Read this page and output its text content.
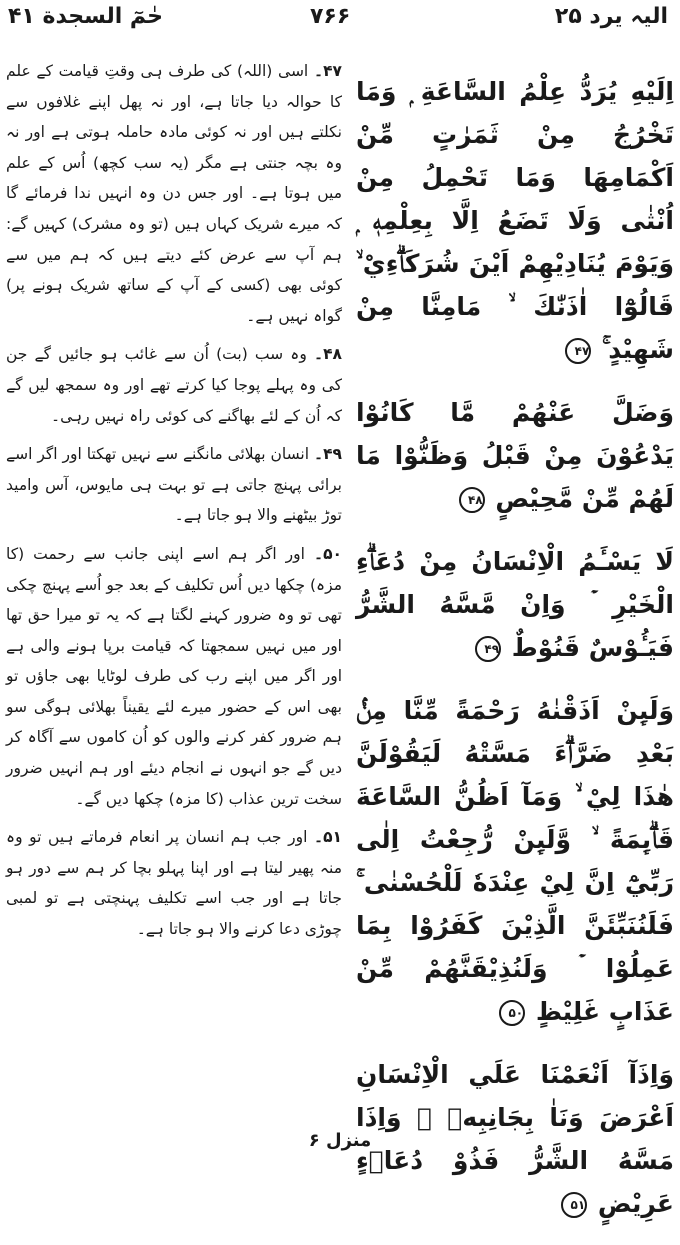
حٰمٓ السجدة ۴۱	۷۶۶	الیہ یرد ۲۵

۴۷۔ اسی (اللہ) کی طرف ہی وقتِ قیامت کے علم کا حوالہ دیا جاتا ہے، اور نہ پھل اپنے غلافوں سے نکلتے ہیں اور نہ کوئی مادہ حاملہ ہوتی ہے اور نہ وہ بچہ جنتی ہے مگر (یہ سب کچھ) اُس کے علم میں ہوتا ہے۔ اور جس دن وہ انہیں ندا فرمائے گا کہ میرے شریک کہاں ہیں (تو وہ مشرک) کہیں گے: ہم آپ سے عرض کئے دیتے ہیں کہ ہم میں سے کوئی بھی (کسی کے آپ کے ساتھ شریک ہونے پر) گواہ نہیں ہے۔

۴۸۔ وہ سب (بت) اُن سے غائب ہو جائیں گے جن کی وہ پہلے پوجا کیا کرتے تھے اور وہ سمجھ لیں گے کہ اُن کے لئے بھاگنے کی کوئی راہ نہیں رہی۔

۴۹۔ انسان بھلائی مانگنے سے نہیں تھکتا اور اگر اسے برائی پہنچ جاتی ہے تو بہت ہی مایوس، آس وامید توڑ بیٹھنے والا ہو جاتا ہے۔

۵۰۔ اور اگر ہم اسے اپنی جانب سے رحمت (کا مزہ) چکھا دیں اُس تکلیف کے بعد جو اُسے پہنچ چکی تھی تو وہ ضرور کہنے لگتا ہے کہ یہ تو میرا حق تھا اور میں نہیں سمجھتا کہ قیامت برپا ہونے والی ہے اور اگر میں اپنے رب کی طرف لوٹایا بھی جاؤں تو بھی اس کے حضور میرے لئے یقیناً بھلائی ہوگی سو ہم ضرور کفر کرنے والوں کو اُن کاموں سے آگاہ کر دیں گے جو انہوں نے انجام دیئے اور ہم انہیں ضرور سخت ترین عذاب (کا مزہ) چکھا دیں گے۔

۵۱۔ اور جب ہم انسان پر انعام فرماتے ہیں تو وہ منہ پھیر لیتا ہے اور اپنا پہلو بچا کر ہم سے دور ہو جاتا ہے اور جب اسے تکلیف پہنچتی ہے تو لمبی چوڑی دعا کرنے والا ہو جاتا ہے۔

اِلَيْهِ يُرَدُّ عِلْمُ السَّاعَةِ ۭ وَمَا تَخْرُجُ مِنْ ثَمَرٰتٍ مِّنْ اَكْمَامِهَا وَمَا تَحْمِلُ مِنْ اُنْثٰى وَلَا تَضَعُ اِلَّا بِعِلْمِهٖ ۭ وَيَوْمَ يُنَادِيْهِمْ اَيْنَ شُرَكَاۗءِيْ ۙ قَالُوْٓا اٰذَنّٰكَ ۙ مَامِنَّا مِنْ شَهِيْدٍ ۚ ۴۷

وَضَلَّ عَنْهُمْ مَّا كَانُوْا يَدْعُوْنَ مِنْ قَبْلُ وَظَنُّوْا مَا لَهُمْ مِّنْ مَّحِيْصٍ ۴۸

لَا يَسْـَٔمُ الْاِنْسَانُ مِنْ دُعَاۗءِ الْخَيْرِ ۡ وَاِنْ مَّسَّهُ الشَّرُّ فَيَـُٔوْسٌ قَنُوْطٌ ۴۹

وَلَىِٕنْ اَذَقْنٰهُ رَحْمَةً مِّنَّا مِنْۢ بَعْدِ ضَرَّاۗءَ مَسَّتْهُ لَيَقُوْلَنَّ هٰذَا لِيْ ۙ وَمَآ اَظُنُّ السَّاعَةَ قَاۗىِٕمَةً ۙ وَّلَىِٕنْ رُّجِعْتُ اِلٰى رَبِّيْٓ اِنَّ لِيْ عِنْدَهٗ لَلْحُسْنٰى ۚ فَلَنُنَبِّئَنَّ الَّذِيْنَ كَفَرُوْا بِمَا عَمِلُوْا ۡ وَلَنُذِيْقَنَّهُمْ مِّنْ عَذَابٍ غَلِيْظٍ ۵۰

وَاِذَآ اَنْعَمْنَا عَلَي الْاِنْسَانِ اَعْرَضَ وَنَاٰ بِجَانِبِهٖ ۚ وَاِذَا مَسَّهُ الشَّرُّ فَذُوْ دُعَاۗءٍ عَرِيْضٍ ۵۱

منزل ۶
